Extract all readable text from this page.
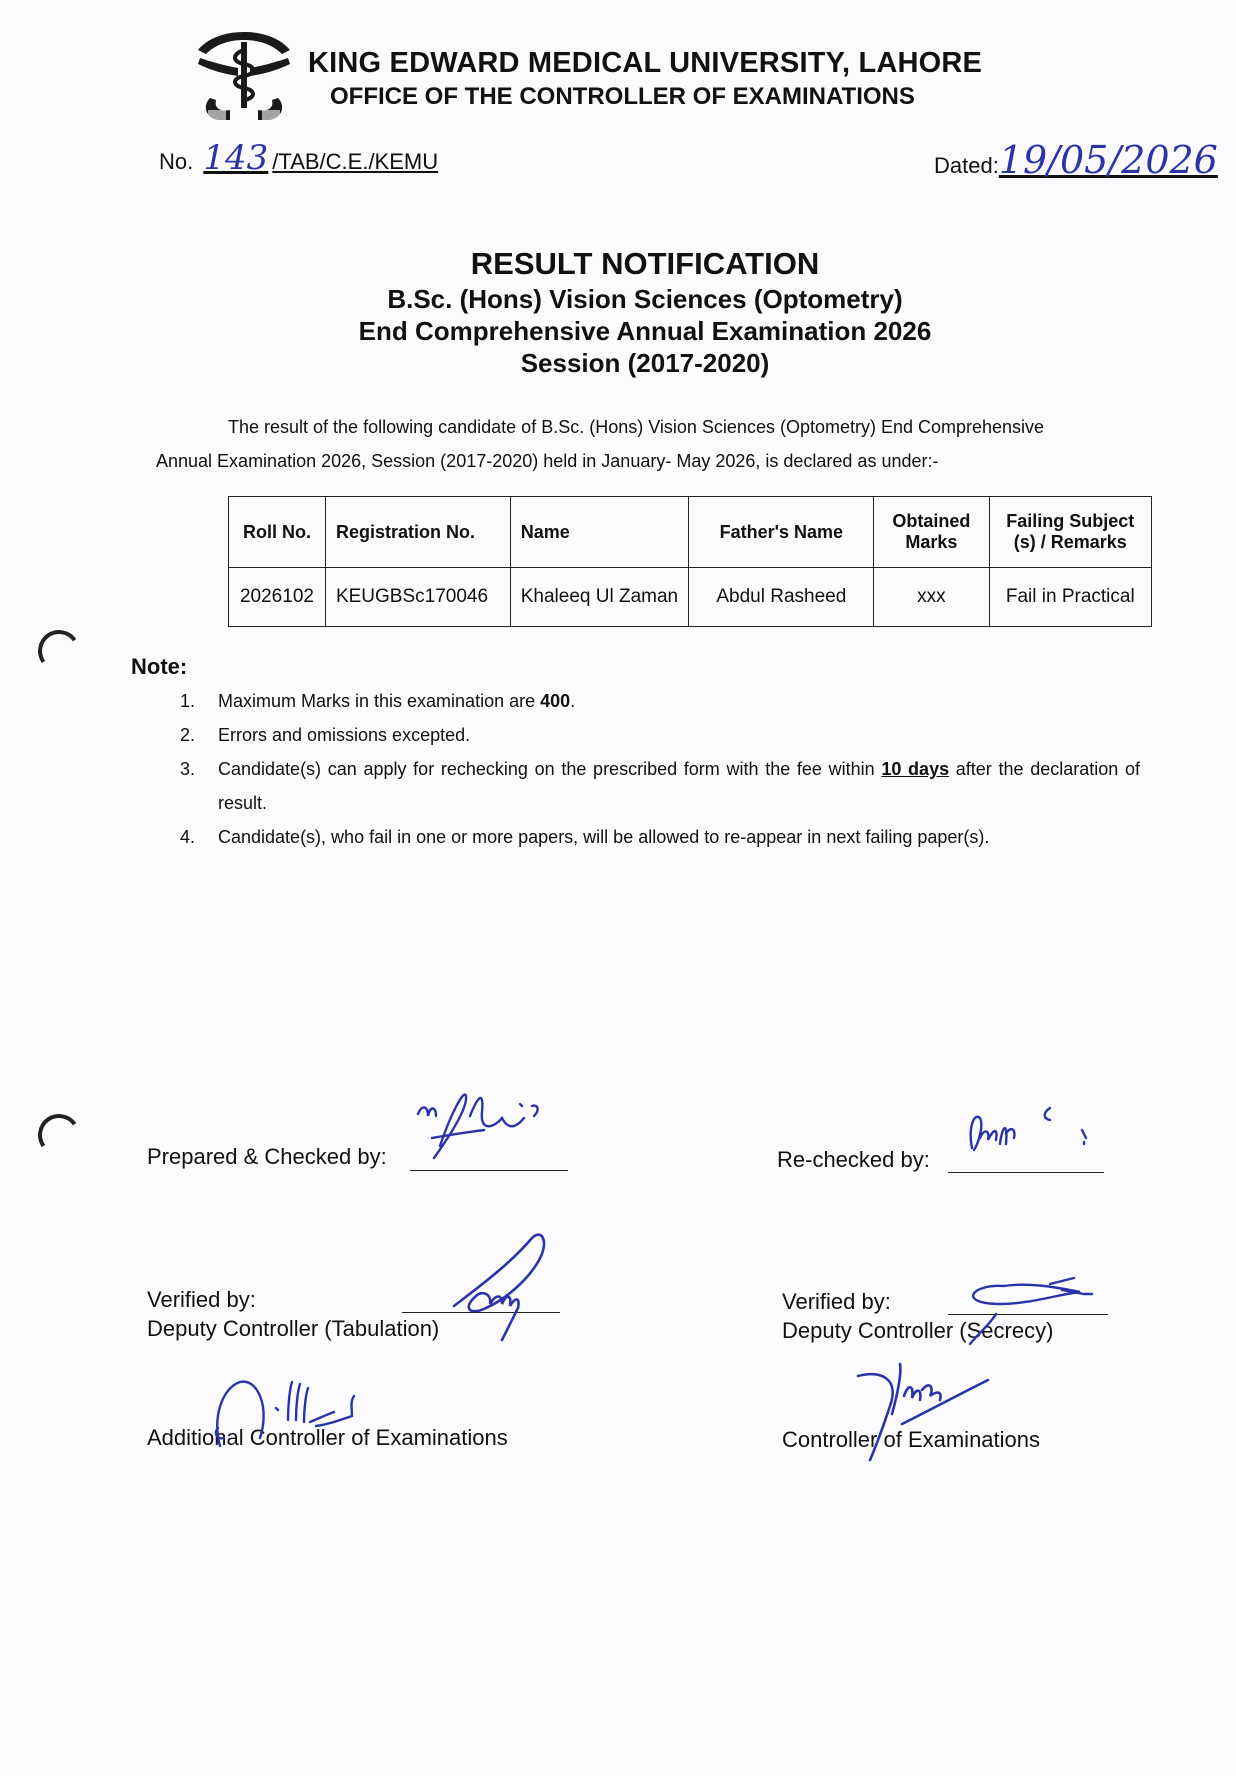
KING EDWARD MEDICAL UNIVERSITY, LAHORE
OFFICE OF THE CONTROLLER OF EXAMINATIONS
No. 143 /TAB/C.E./KEMU	Dated:19/05/2026
RESULT NOTIFICATION
B.Sc. (Hons) Vision Sciences (Optometry)
End Comprehensive Annual Examination 2026
Session (2017-2020)
The result of the following candidate of B.Sc. (Hons) Vision Sciences (Optometry) End Comprehensive
Annual Examination 2026, Session (2017-2020) held in January- May 2026, is declared as under:-
Roll No.	Registration No.	Name	Father's Name	Obtained Marks	Failing Subject (s) / Remarks
2026102	KEUGBSc170046	Khaleeq Ul Zaman	Abdul Rasheed	xxx	Fail in Practical
Note:
1.	Maximum Marks in this examination are 400.
2.	Errors and omissions excepted.
3.	Candidate(s) can apply for rechecking on the prescribed form with the fee within 10 days after the declaration of result.
4.	Candidate(s), who fail in one or more papers, will be allowed to re-appear in next failing paper(s).
Prepared & Checked by:	Re-checked by:
Verified by:
Deputy Controller (Tabulation)
Verified by:
Deputy Controller (Secrecy)
Additional Controller of Examinations	Controller of Examinations
